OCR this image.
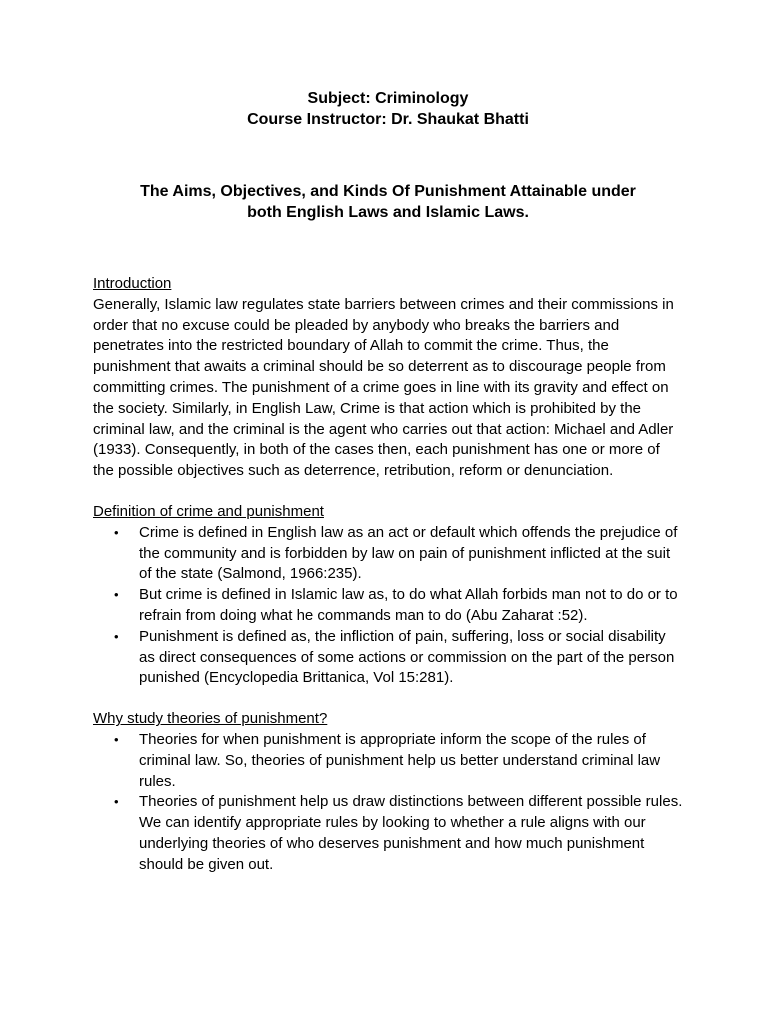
Subject: Criminology
Course Instructor: Dr. Shaukat Bhatti
The Aims, Objectives, and Kinds Of Punishment Attainable under
both English Laws and Islamic Laws.
Introduction

Generally, Islamic law regulates state barriers between crimes and their commissions in order that no excuse could be pleaded by anybody who breaks the barriers and penetrates into the restricted boundary of Allah to commit the crime. Thus, the punishment that awaits a criminal should be so deterrent as to discourage people from committing crimes. The punishment of a crime goes in line with its gravity and effect on the society. Similarly, in English Law, Crime is that action which is prohibited by the criminal law, and the criminal is the agent who carries out that action: Michael and Adler (1933). Consequently, in both of the cases then, each punishment has one or more of the possible objectives such as deterrence, retribution, reform or denunciation.

Definition of crime and punishment
• Crime is defined in English law as an act or default which offends the prejudice of the community and is forbidden by law on pain of punishment inflicted at the suit of the state (Salmond, 1966:235).
• But crime is defined in Islamic law as, to do what Allah forbids man not to do or to refrain from doing what he commands man to do (Abu Zaharat :52).
• Punishment is defined as, the infliction of pain, suffering, loss or social disability as direct consequences of some actions or commission on the part of the person punished (Encyclopedia Brittanica, Vol 15:281).
Why study theories of punishment?
• Theories for when punishment is appropriate inform the scope of the rules of criminal law. So, theories of punishment help us better understand criminal law rules.
• Theories of punishment help us draw distinctions between different possible rules. We can identify appropriate rules by looking to whether a rule aligns with our underlying theories of who deserves punishment and how much punishment should be given out.
